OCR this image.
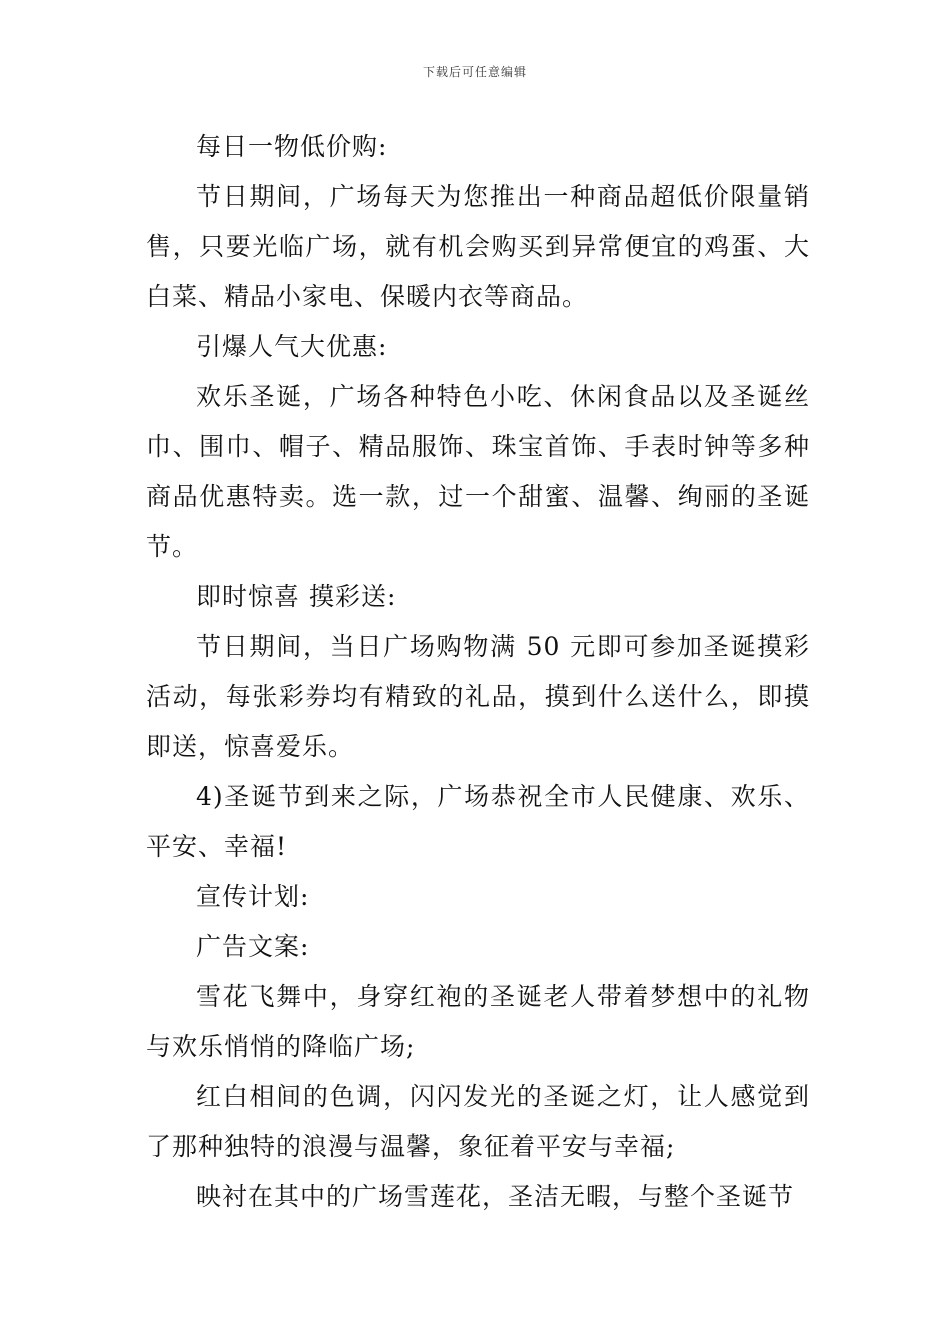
下载后可任意编辑

每日一物低价购:

节日期间，广场每天为您推出一种商品超低价限量销售，只要光临广场，就有机会购买到异常便宜的鸡蛋、大白菜、精品小家电、保暖内衣等商品。

引爆人气大优惠:

欢乐圣诞，广场各种特色小吃、休闲食品以及圣诞丝巾、围巾、帽子、精品服饰、珠宝首饰、手表时钟等多种商品优惠特卖。选一款，过一个甜蜜、温馨、绚丽的圣诞节。

即时惊喜 摸彩送:

节日期间，当日广场购物满 50 元即可参加圣诞摸彩活动，每张彩券均有精致的礼品，摸到什么送什么，即摸即送，惊喜爱乐。

4)圣诞节到来之际，广场恭祝全市人民健康、欢乐、平安、幸福!

宣传计划:

广告文案:

雪花飞舞中，身穿红袍的圣诞老人带着梦想中的礼物与欢乐悄悄的降临广场;

红白相间的色调，闪闪发光的圣诞之灯，让人感觉到了那种独特的浪漫与温馨，象征着平安与幸福;

映衬在其中的广场雪莲花，圣洁无暇，与整个圣诞节
